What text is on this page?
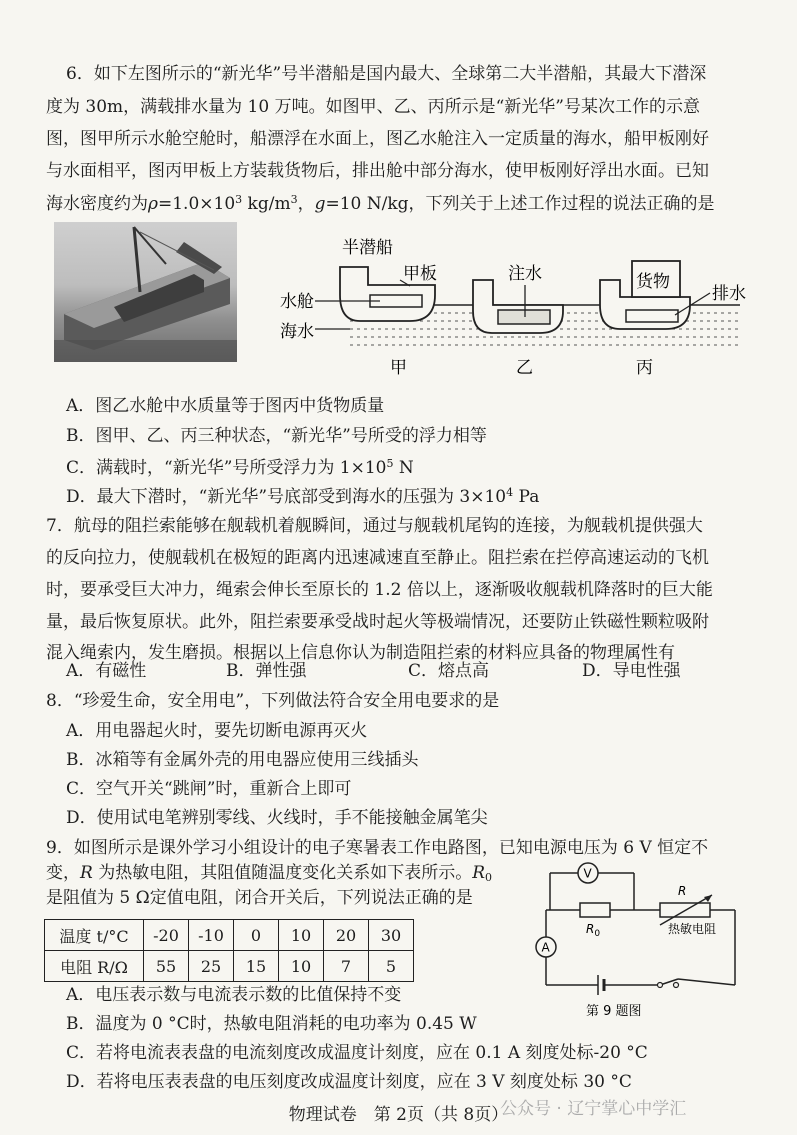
6．如下左图所示的“新光华”号半潜船是国内最大、全球第二大半潜船，其最大下潜深
度为 30m，满载排水量为 10 万吨。如图甲、乙、丙所示是“新光华”号某次工作的示意
图，图甲所示水舱空舱时，船漂浮在水面上，图乙水舱注入一定质量的海水，船甲板刚好
与水面相平，图丙甲板上方装载货物后，排出舱中部分海水，使甲板刚好浮出水面。已知
海水密度约为$\rho=1.0\times 10^3$ $kg/m^3$，g=10 N/kg，下列关于上述工作过程的说法正确的是
半潜船
甲板
水舱
海水
注水	货物
排水
甲	乙	丙
A．图乙水舱中水质量等于图丙中货物质量
B．图甲、乙、丙三种状态，“新光华”号所受的浮力相等
C．满载时，“新光华”号所受浮力为 $1\times 10^5$ N
D．最大下潜时，“新光华”号底部受到海水的压强为 $3\times 10^4$ Pa
7．航母的阻拦索能够在舰载机着舰瞬间，通过与舰载机尾钩的连接，为舰载机提供强大
的反向拉力，使舰载机在极短的距离内迅速减速直至静止。阻拦索在拦停高速运动的飞机
时，要承受巨大冲力，绳索会伸长至原长的 1.2 倍以上，逐渐吸收舰载机降落时的巨大能
量，最后恢复原状。此外，阻拦索要承受战时起火等极端情况，还要防止铁磁性颗粒吸附
混入绳索内，发生磨损。根据以上信息你认为制造阻拦索的材料应具备的物理属性有
A．有磁性	B．弹性强	C．熔点高	D．导电性强
8．“珍爱生命，安全用电”，下列做法符合安全用电要求的是
A．用电器起火时，要先切断电源再灭火
B．冰箱等有金属外壳的用电器应使用三线插头
C．空气开关“跳闸”时，重新合上即可
D．使用试电笔辨别零线、火线时，手不能接触金属笔尖
9．如图所示是课外学习小组设计的电子寒暑表工作电路图，已知电源电压为 6 V 恒定不
变，R 为热敏电阻，其阻值随温度变化关系如下表所示。$R_0$
是阻值为 5 Ω定值电阻，闭合开关后，下列说法正确的是
温度 t/°C	-20	-10	0	10	20	30
电阻 R/Ω	55	25	15	10	7	5
V
A
$R_0$
R
热敏电阻
第 9 题图
A．电压表示数与电流表示数的比值保持不变
B．温度为 0 °C时，热敏电阻消耗的电功率为 0.45 W
C．若将电流表表盘的电流刻度改成温度计刻度，应在 0.1 A 刻度处标-20 °C
D．若将电压表表盘的电压刻度改成温度计刻度，应在 3 V 刻度处标 30 °C
物理试卷　第 2页（共 8页）
公众号 · 辽宁掌心中学汇
